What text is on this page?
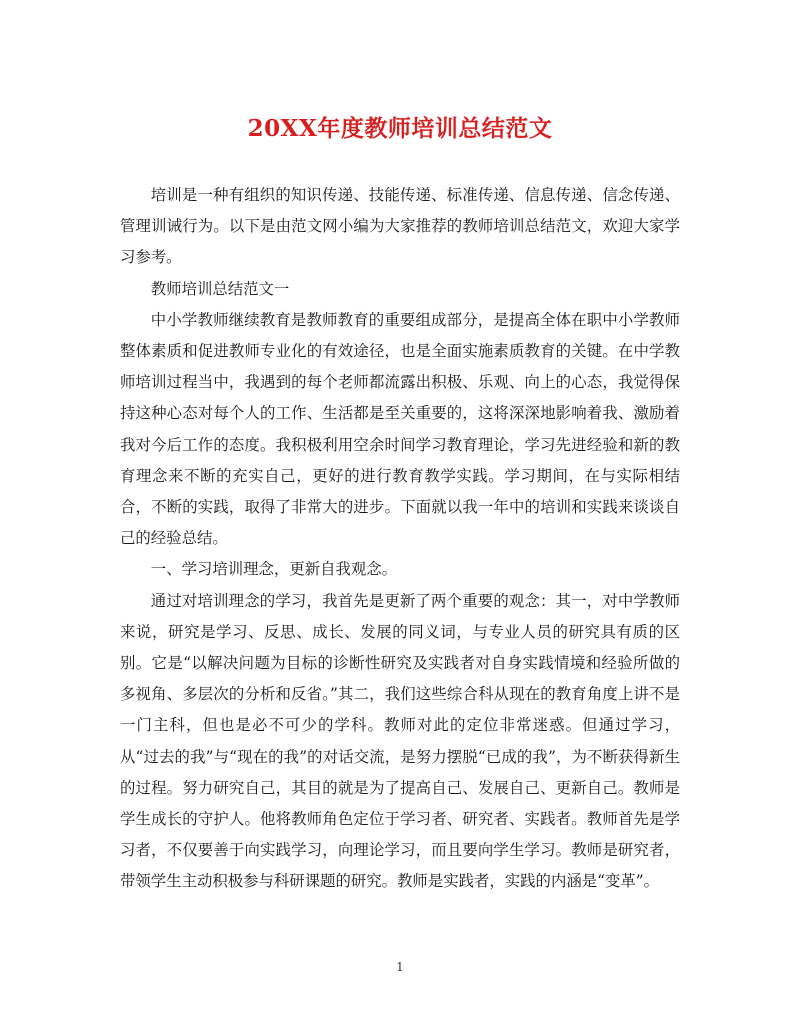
20XX年度教师培训总结范文

培训是一种有组织的知识传递、技能传递、标准传递、信息传递、信念传递、管理训诫行为。以下是由范文网小编为大家推荐的教师培训总结范文，欢迎大家学习参考。

教师培训总结范文一

中小学教师继续教育是教师教育的重要组成部分，是提高全体在职中小学教师整体素质和促进教师专业化的有效途径，也是全面实施素质教育的关键。在中学教师培训过程当中，我遇到的每个老师都流露出积极、乐观、向上的心态，我觉得保持这种心态对每个人的工作、生活都是至关重要的，这将深深地影响着我、激励着我对今后工作的态度。我积极利用空余时间学习教育理论，学习先进经验和新的教育理念来不断的充实自己，更好的进行教育教学实践。学习期间，在与实际相结合，不断的实践，取得了非常大的进步。下面就以我一年中的培训和实践来谈谈自己的经验总结。

一、学习培训理念，更新自我观念。

通过对培训理念的学习，我首先是更新了两个重要的观念：其一，对中学教师来说，研究是学习、反思、成长、发展的同义词，与专业人员的研究具有质的区别。它是“以解决问题为目标的诊断性研究及实践者对自身实践情境和经验所做的多视角、多层次的分析和反省。”其二，我们这些综合科从现在的教育角度上讲不是一门主科，但也是必不可少的学科。教师对此的定位非常迷惑。但通过学习，从“过去的我”与“现在的我”的对话交流，是努力摆脱“已成的我”，为不断获得新生的过程。努力研究自己，其目的就是为了提高自己、发展自己、更新自己。教师是学生成长的守护人。他将教师角色定位于学习者、研究者、实践者。教师首先是学习者，不仅要善于向实践学习，向理论学习，而且要向学生学习。教师是研究者，带领学生主动积极参与科研课题的研究。教师是实践者，实践的内涵是“变革”。

1
